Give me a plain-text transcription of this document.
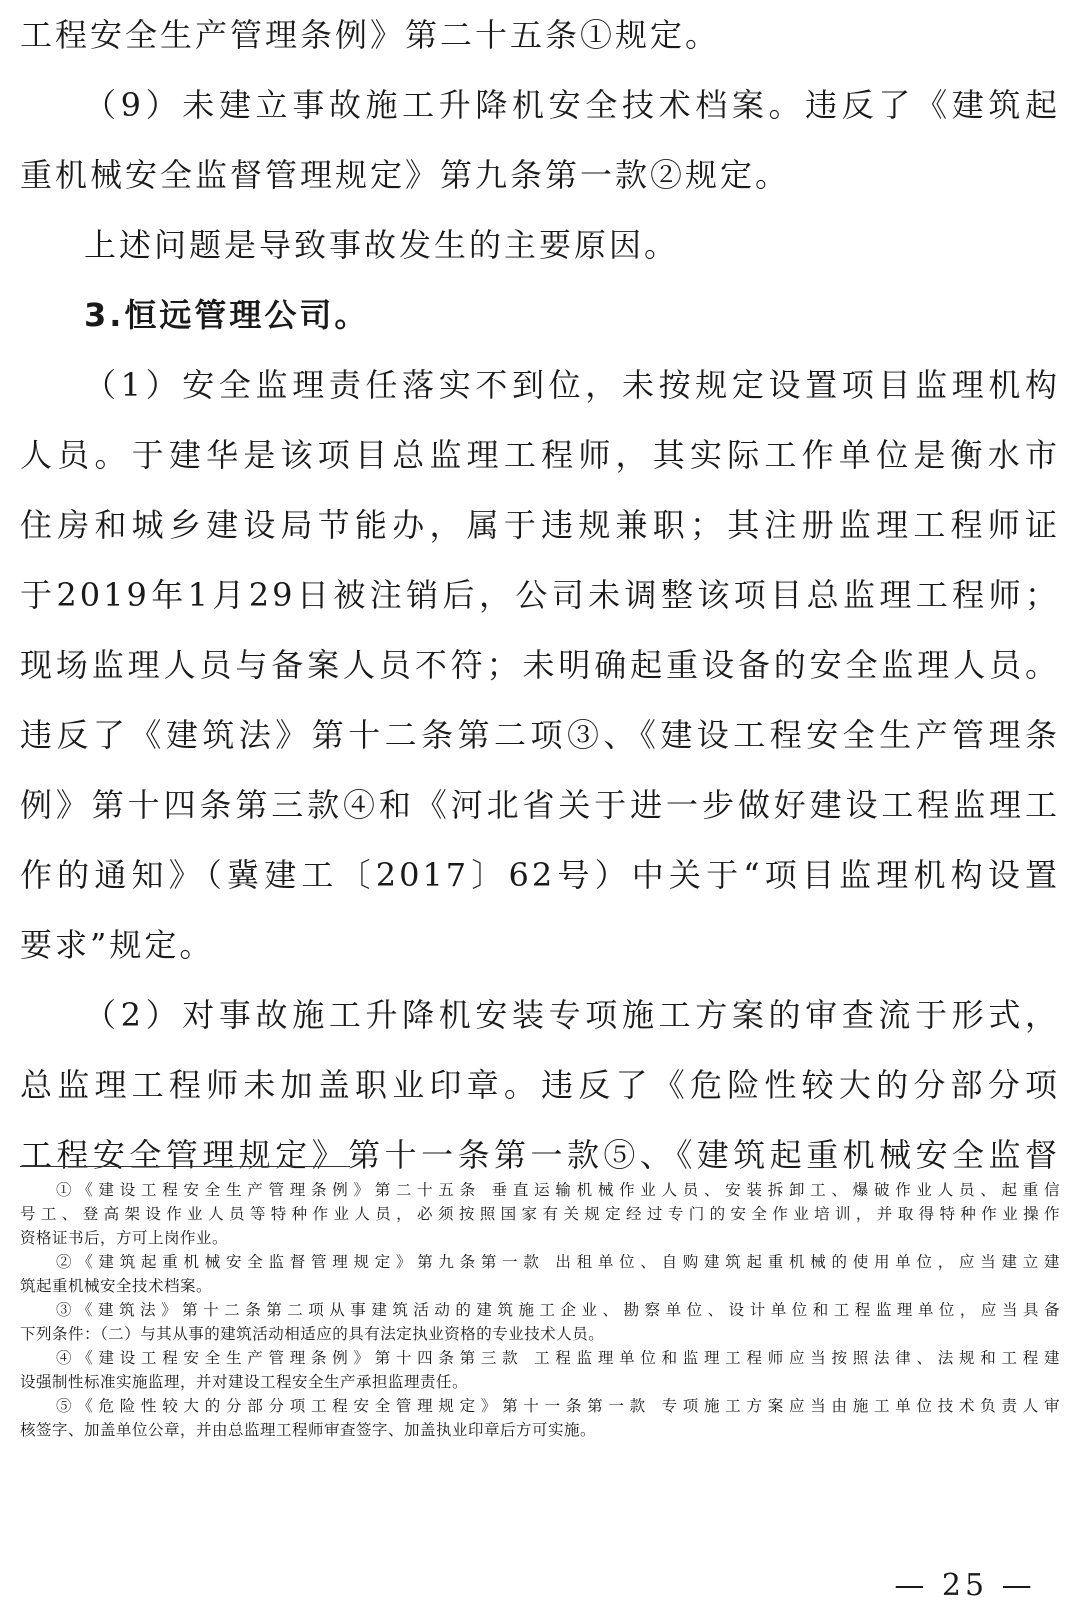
工程安全生产管理条例》第二十五条①规定。
（9）未建立事故施工升降机安全技术档案。违反了《建筑起
重机械安全监督管理规定》第九条第一款②规定。
上述问题是导致事故发生的主要原因。
3.恒远管理公司。
（1）安全监理责任落实不到位，未按规定设置项目监理机构
人员。于建华是该项目总监理工程师，其实际工作单位是衡水市
住房和城乡建设局节能办，属于违规兼职；其注册监理工程师证
于2019年1月29日被注销后，公司未调整该项目总监理工程师；
现场监理人员与备案人员不符；未明确起重设备的安全监理人员。
违反了《建筑法》第十二条第二项③、《建设工程安全生产管理条
例》第十四条第三款④和《河北省关于进一步做好建设工程监理工
作的通知》（冀建工〔2017〕62号）中关于“项目监理机构设置
要求”规定。
（2）对事故施工升降机安装专项施工方案的审查流于形式，
总监理工程师未加盖职业印章。违反了《危险性较大的分部分项
工程安全管理规定》第十一条第一款⑤、《建筑起重机械安全监督
①《建设工程安全生产管理条例》第二十五条 垂直运输机械作业人员、安装拆卸工、爆破作业人员、起重信
号工、登高架设作业人员等特种作业人员，必须按照国家有关规定经过专门的安全作业培训，并取得特种作业操作
资格证书后，方可上岗作业。
②《建筑起重机械安全监督管理规定》第九条第一款 出租单位、自购建筑起重机械的使用单位，应当建立建
筑起重机械安全技术档案。
③《建筑法》第十二条第二项从事建筑活动的建筑施工企业、勘察单位、设计单位和工程监理单位，应当具备
下列条件：（二）与其从事的建筑活动相适应的具有法定执业资格的专业技术人员。
④《建设工程安全生产管理条例》第十四条第三款 工程监理单位和监理工程师应当按照法律、法规和工程建
设强制性标准实施监理，并对建设工程安全生产承担监理责任。
⑤《危险性较大的分部分项工程安全管理规定》第十一条第一款 专项施工方案应当由施工单位技术负责人审
核签字、加盖单位公章，并由总监理工程师审查签字、加盖执业印章后方可实施。
— 25 —
